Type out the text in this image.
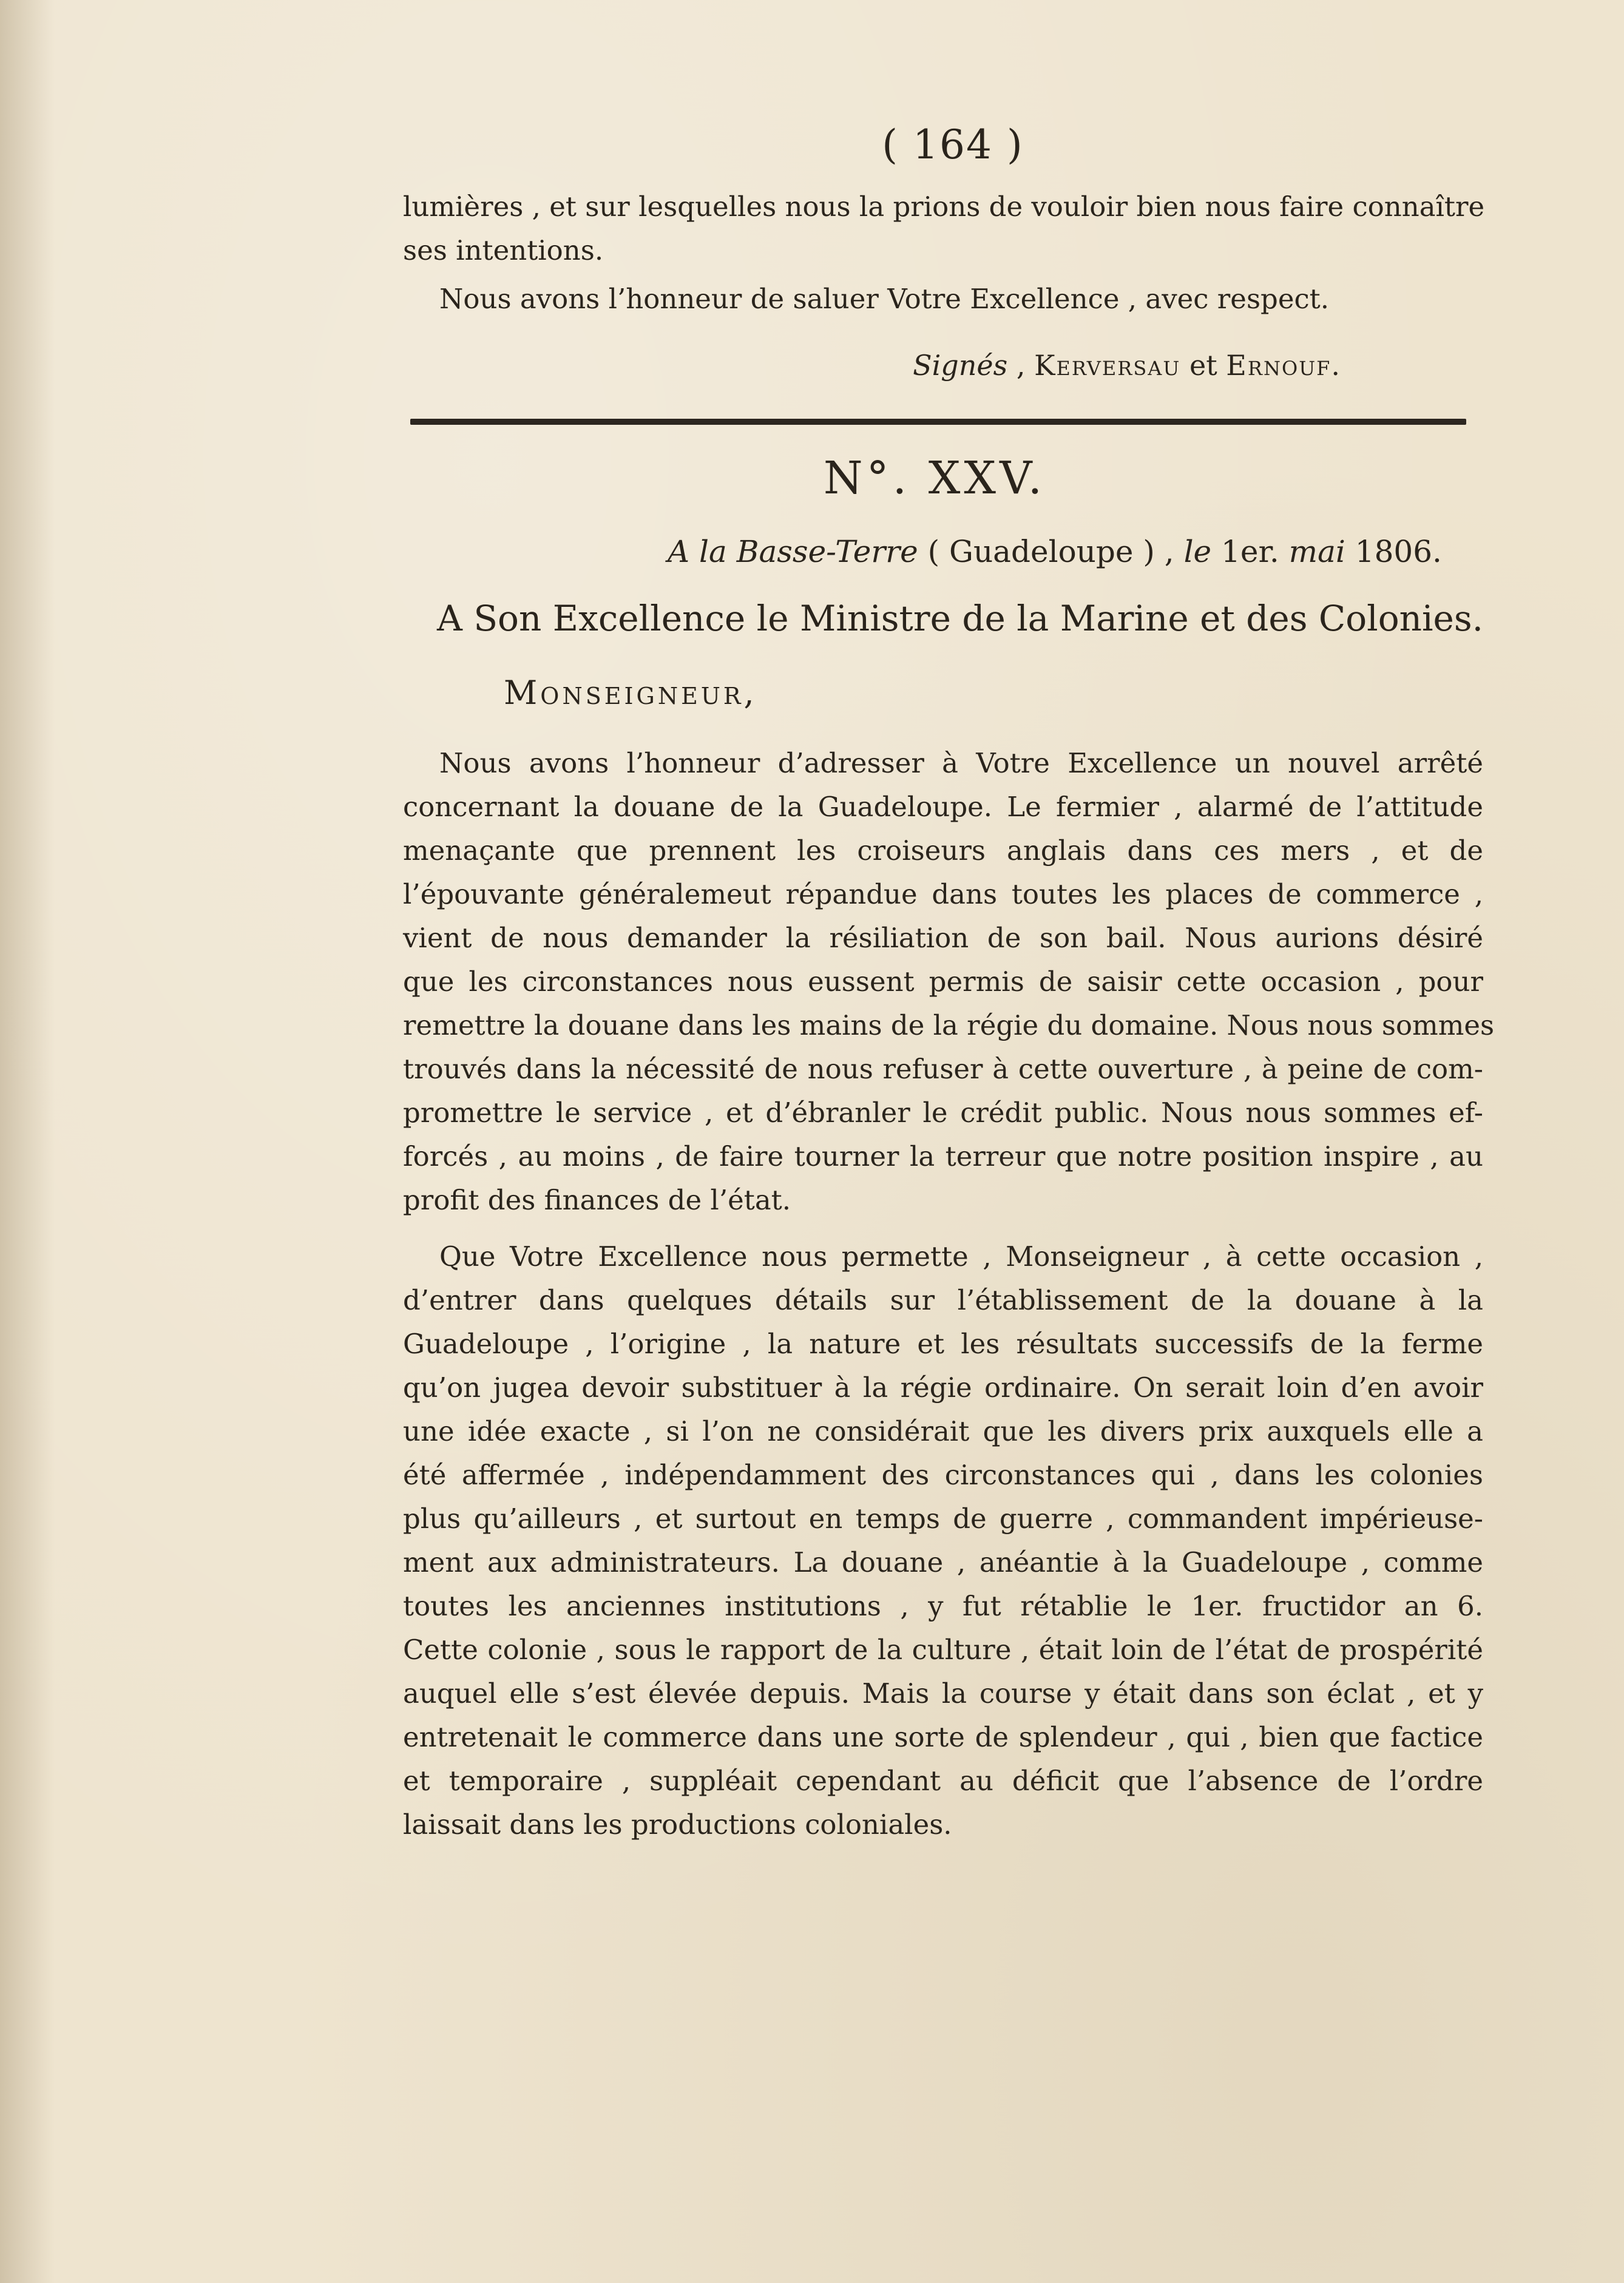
( 164 )
lumières , et sur lesquelles nous la prions de vouloir bien nous faire connaître
ses intentions.
Nous avons l’honneur de saluer Votre Excellence , avec respect.
Signés , Kerversau et Ernouf.
N°. XXV.
A la Basse-Terre ( Guadeloupe ) , le 1er. mai 1806.
A Son Excellence le Ministre de la Marine et des Colonies.
Monseigneur,
Nous avons l’honneur d’adresser à Votre Excellence un nouvel arrêté
concernant la douane de la Guadeloupe. Le fermier , alarmé de l’attitude
menaçante que prennent les croiseurs anglais dans ces mers , et de
l’épouvante généralemeut répandue dans toutes les places de commerce ,
vient de nous demander la résiliation de son bail. Nous aurions désiré
que les circonstances nous eussent permis de saisir cette occasion , pour
remettre la douane dans les mains de la régie du domaine. Nous nous sommes
trouvés dans la nécessité de nous refuser à cette ouverture , à peine de com-
promettre le service , et d’ébranler le crédit public. Nous nous sommes ef-
forcés , au moins , de faire tourner la terreur que notre position inspire , au
profit des finances de l’état.
Que Votre Excellence nous permette , Monseigneur , à cette occasion ,
d’entrer dans quelques détails sur l’établissement de la douane à la
Guadeloupe , l’origine , la nature et les résultats successifs de la ferme
qu’on jugea devoir substituer à la régie ordinaire. On serait loin d’en avoir
une idée exacte , si l’on ne considérait que les divers prix auxquels elle a
été affermée , indépendamment des circonstances qui , dans les colonies
plus qu’ailleurs , et surtout en temps de guerre , commandent impérieuse-
ment aux administrateurs. La douane , anéantie à la Guadeloupe , comme
toutes les anciennes institutions , y fut rétablie le 1er. fructidor an 6.
Cette colonie , sous le rapport de la culture , était loin de l’état de prospérité
auquel elle s’est élevée depuis. Mais la course y était dans son éclat , et y
entretenait le commerce dans une sorte de splendeur , qui , bien que factice
et temporaire , suppléait cependant au déficit que l’absence de l’ordre
laissait dans les productions coloniales.
